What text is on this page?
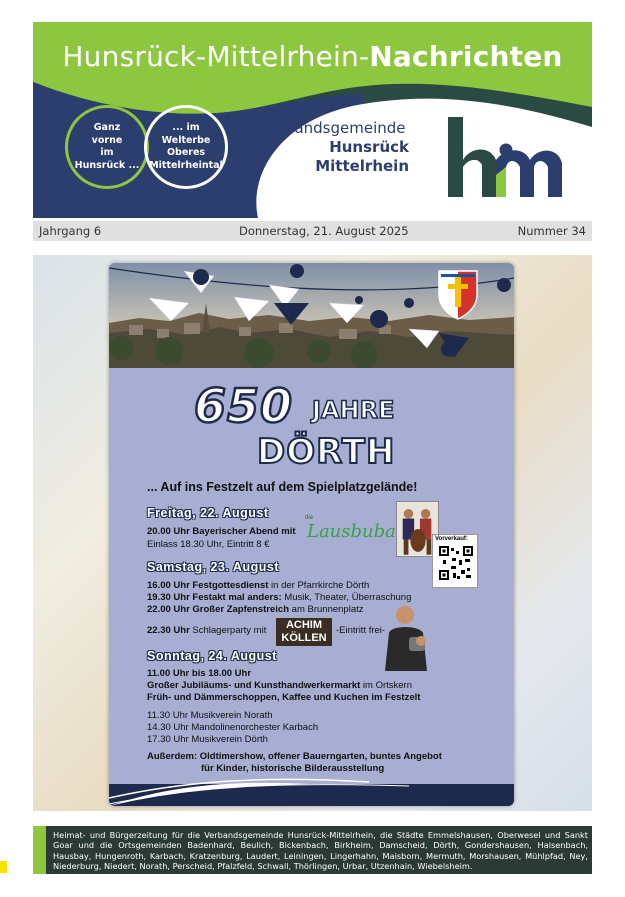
Hunsrück-Mittelrhein-Nachrichten
Ganz
vorne
im
Hunsrück ...
... im
Welterbe
Oberes
Mittelrheintal
Verbandsgemeinde
Hunsrück
Mittelrhein
Jahrgang 6	Donnerstag, 21. August 2025	Nummer 34
650 JAHRE
DÖRTH
... Auf ins Festzelt auf dem Spielplatzgelände!
Freitag, 22. August
20.00 Uhr Bayerischer Abend mit
Einlass 18.30 Uhr, Eintritt 8 €
die
Lausbuba	Vorverkauf:
Samstag, 23. August
16.00 Uhr Festgottesdienst in der Pfarrkirche Dörth
19.30 Uhr Festakt mal anders: Musik, Theater, Überraschung
22.00 Uhr Großer Zapfenstreich am Brunnenplatz
22.30 Uhr Schlagerparty mit	ACHIM
KÖLLEN
-Eintritt frei-
Sonntag, 24. August
11.00 Uhr bis 18.00 Uhr
Großer Jubiläums- und Kunsthandwerkermarkt im Ortskern
Früh- und Dämmerschoppen, Kaffee und Kuchen im Festzelt
11.30 Uhr Musikverein Norath
14.30 Uhr Mandolinenorchester Karbach
17.30 Uhr Musikverein Dörth
Außerdem: Oldtimershow, offener Bauerngarten, buntes Angebot
für Kinder, historische Bilderausstellung
Einwurf
Heimat- und Bürgerzeitung für die Verbandsgemeinde Hunsrück-Mittelrhein, die Städte Emmelshausen, Oberwesel und Sankt Goar und die Ortsgemeinden Badenhard, Beulich, Bickenbach, Birkheim, Damscheid, Dörth, Gondershausen, Halsenbach, Hausbay, Hungenroth, Karbach, Kratzenburg, Laudert, Leiningen, Lingerhahn, Maisborn, Mermuth, Morshausen, Mühlpfad, Ney, Niederburg, Niedert, Norath, Perscheid, Pfalzfeld, Schwall, Thörlingen, Urbar, Utzenhain, Wiebelsheim.
